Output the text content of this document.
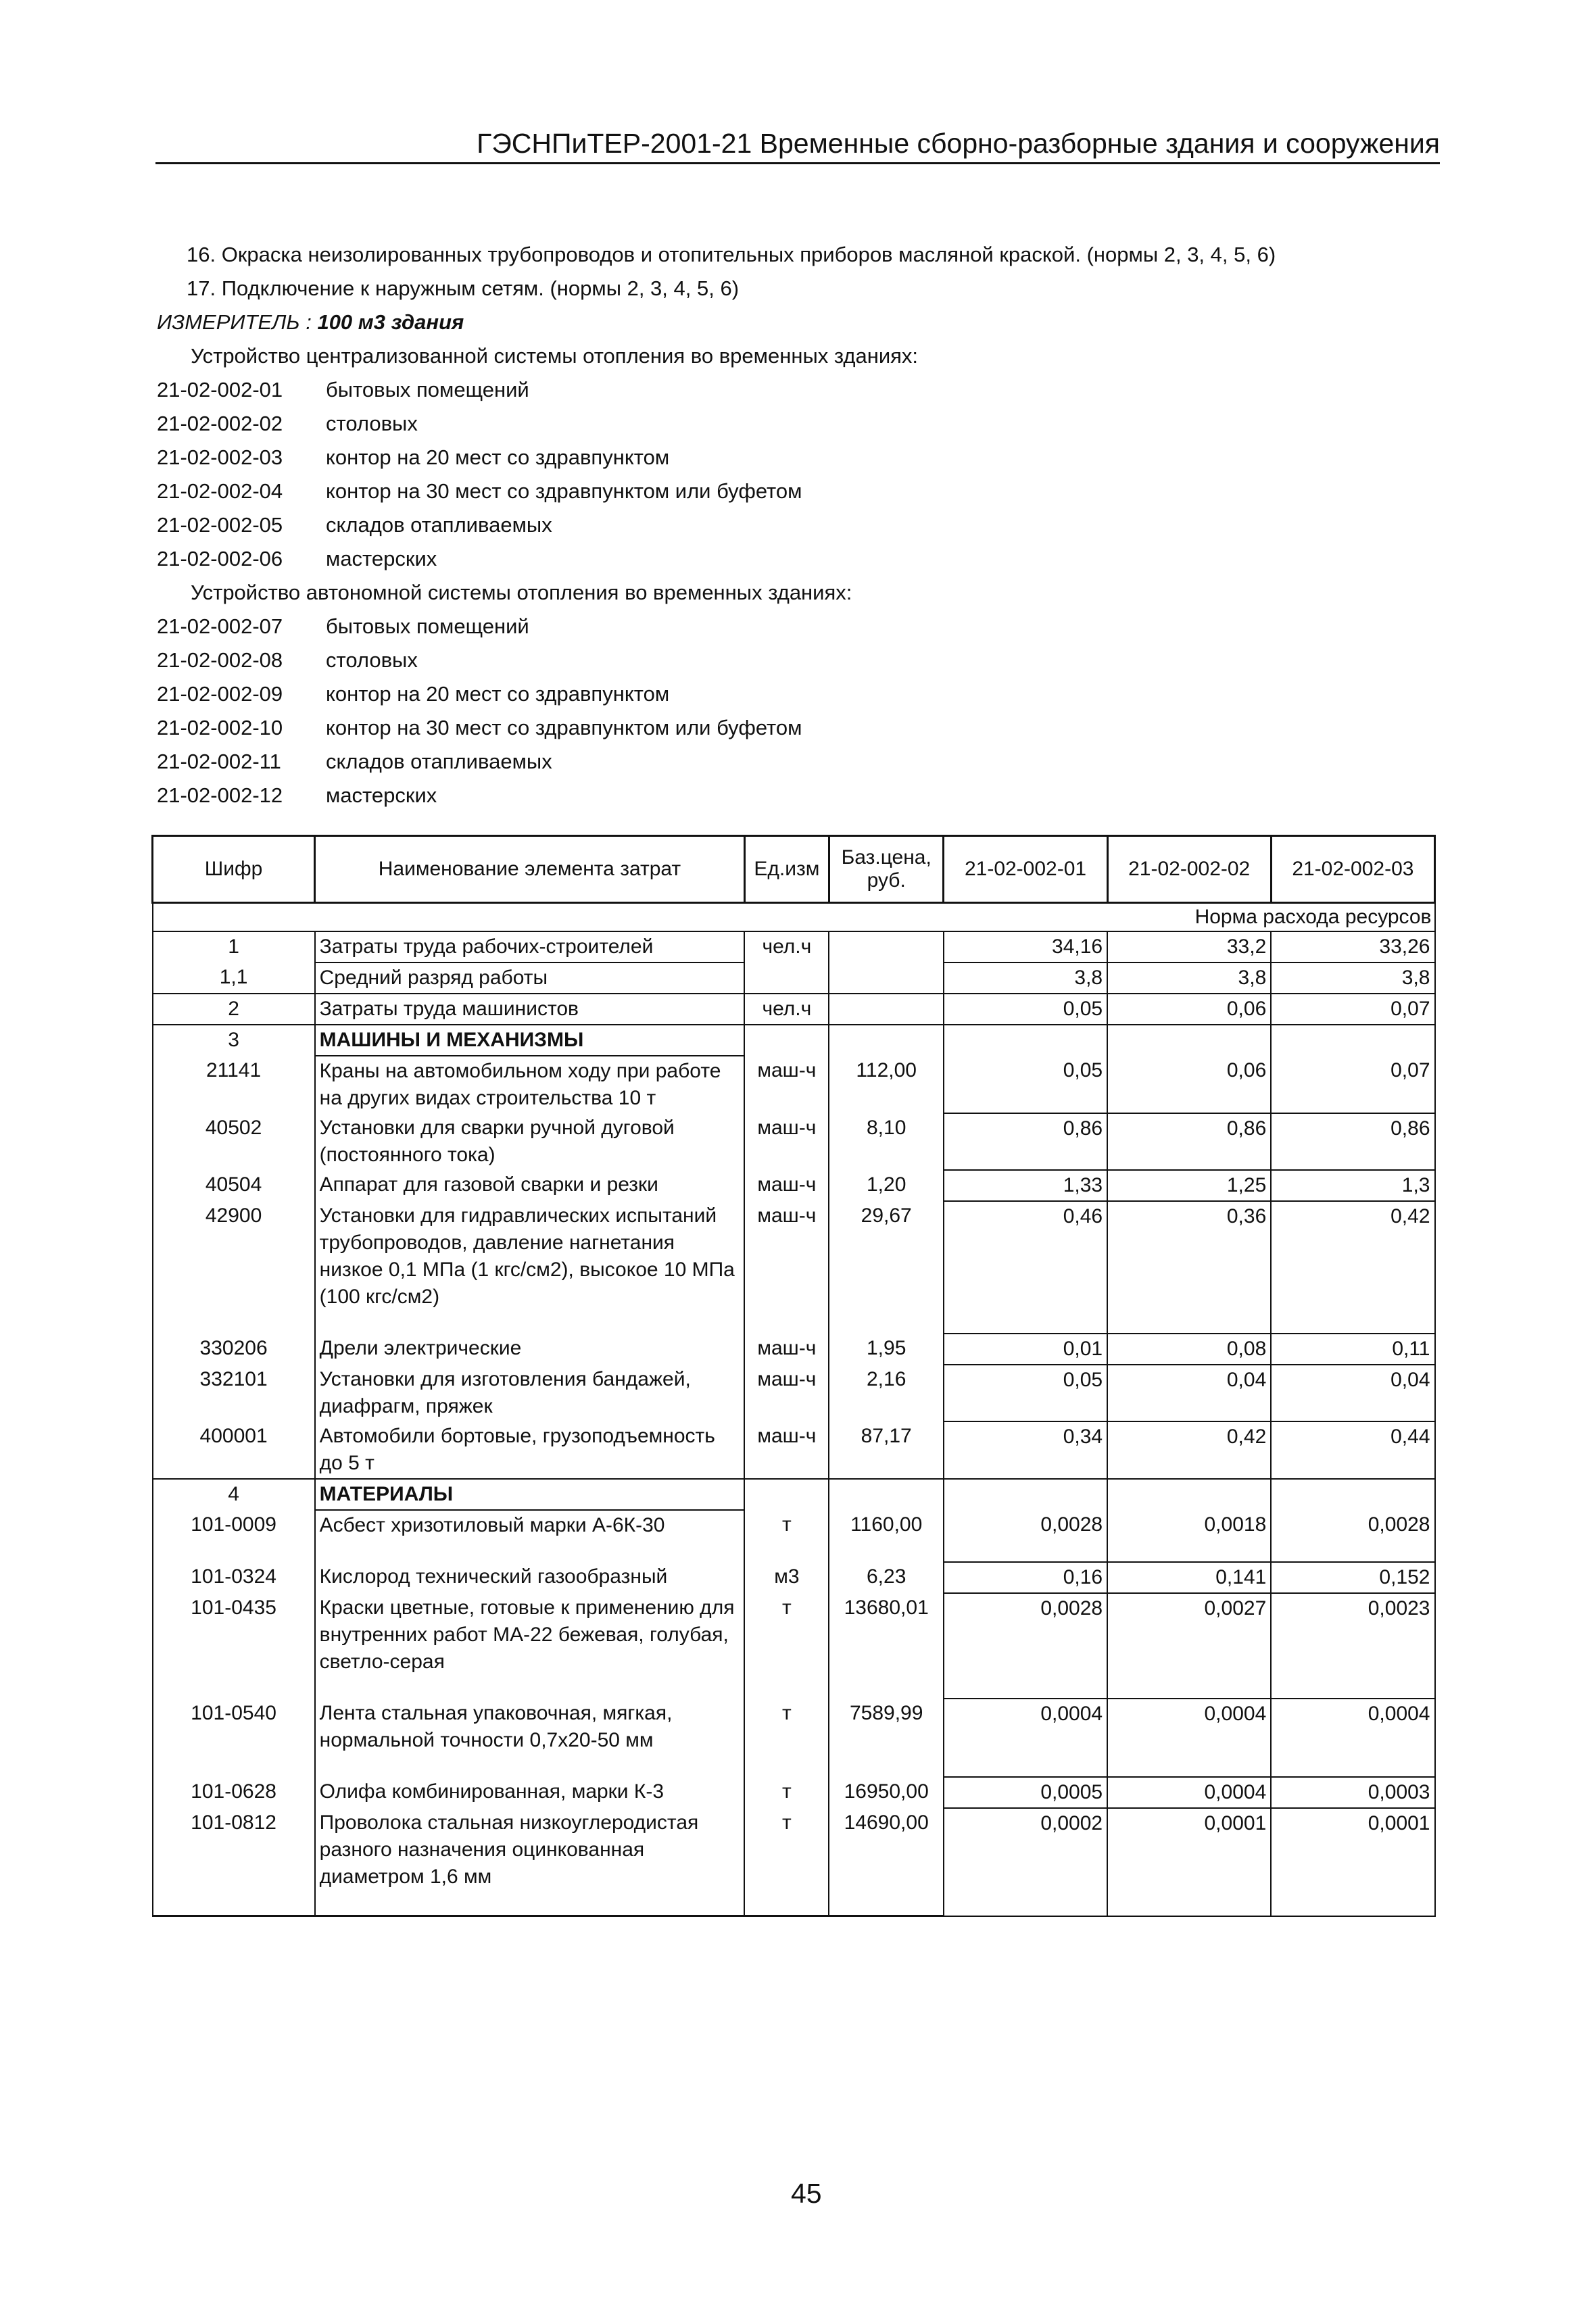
ГЭСНПиТЕР-2001-21 Временные сборно-разборные здания и сооружения
16. Окраска неизолированных трубопроводов и отопительных приборов масляной краской. (нормы 2, 3, 4, 5, 6)
17. Подключение к наружным сетям. (нормы 2, 3, 4, 5, 6)
ИЗМЕРИТЕЛЬ : 100 м3 здания
Устройство централизованной системы отопления во временных зданиях:
21-02-002-01 бытовых помещений
21-02-002-02 столовых
21-02-002-03 контор на 20 мест со здравпунктом
21-02-002-04 контор на 30 мест со здравпунктом или буфетом
21-02-002-05 складов отапливаемых
21-02-002-06 мастерских
Устройство автономной системы отопления во временных зданиях:
21-02-002-07 бытовых помещений
21-02-002-08 столовых
21-02-002-09 контор на 20 мест со здравпунктом
21-02-002-10 контор на 30 мест со здравпунктом или буфетом
21-02-002-11 складов отапливаемых
21-02-002-12 мастерских
Шифр	Наименование элемента затрат	Ед.изм	Баз.цена, руб.	21-02-002-01	21-02-002-02	21-02-002-03
				Норма расхода ресурсов		
1	Затраты труда рабочих-строителей	чел.ч		34,16	33,2	33,26
1,1	Средний разряд работы			3,8	3,8	3,8
2	Затраты труда машинистов	чел.ч		0,05	0,06	0,07
3	МАШИНЫ И МЕХАНИЗМЫ					
21141	Краны на автомобильном ходу при работе на других видах строительства 10 т	маш-ч	112,00	0,05	0,06	0,07
40502	Установки для сварки ручной дуговой (постоянного тока)	маш-ч	8,10	0,86	0,86	0,86
40504	Аппарат для газовой сварки и резки	маш-ч	1,20	1,33	1,25	1,3
42900	Установки для гидравлических испытаний трубопроводов, давление нагнетания низкое 0,1 МПа (1 кгс/см2), высокое 10 МПа (100 кгс/см2)	маш-ч	29,67	0,46	0,36	0,42
330206	Дрели электрические	маш-ч	1,95	0,01	0,08	0,11
332101	Установки для изготовления бандажей, диафрагм, пряжек	маш-ч	2,16	0,05	0,04	0,04
400001	Автомобили бортовые, грузоподъемность до 5 т	маш-ч	87,17	0,34	0,42	0,44
4	МАТЕРИАЛЫ					
101-0009	Асбест хризотиловый марки А-6К-30	т	1160,00	0,0028	0,0018	0,0028
101-0324	Кислород технический газообразный	м3	6,23	0,16	0,141	0,152
101-0435	Краски цветные, готовые к применению для внутренних работ МА-22 бежевая, голубая, светло-серая	т	13680,01	0,0028	0,0027	0,0023
101-0540	Лента стальная упаковочная, мягкая, нормальной точности 0,7х20-50 мм	т	7589,99	0,0004	0,0004	0,0004
101-0628	Олифа комбинированная, марки К-3	т	16950,00	0,0005	0,0004	0,0003
101-0812	Проволока стальная низкоуглеродистая разного назначения оцинкованная диаметром 1,6 мм	т	14690,00	0,0002	0,0001	0,0001
45
